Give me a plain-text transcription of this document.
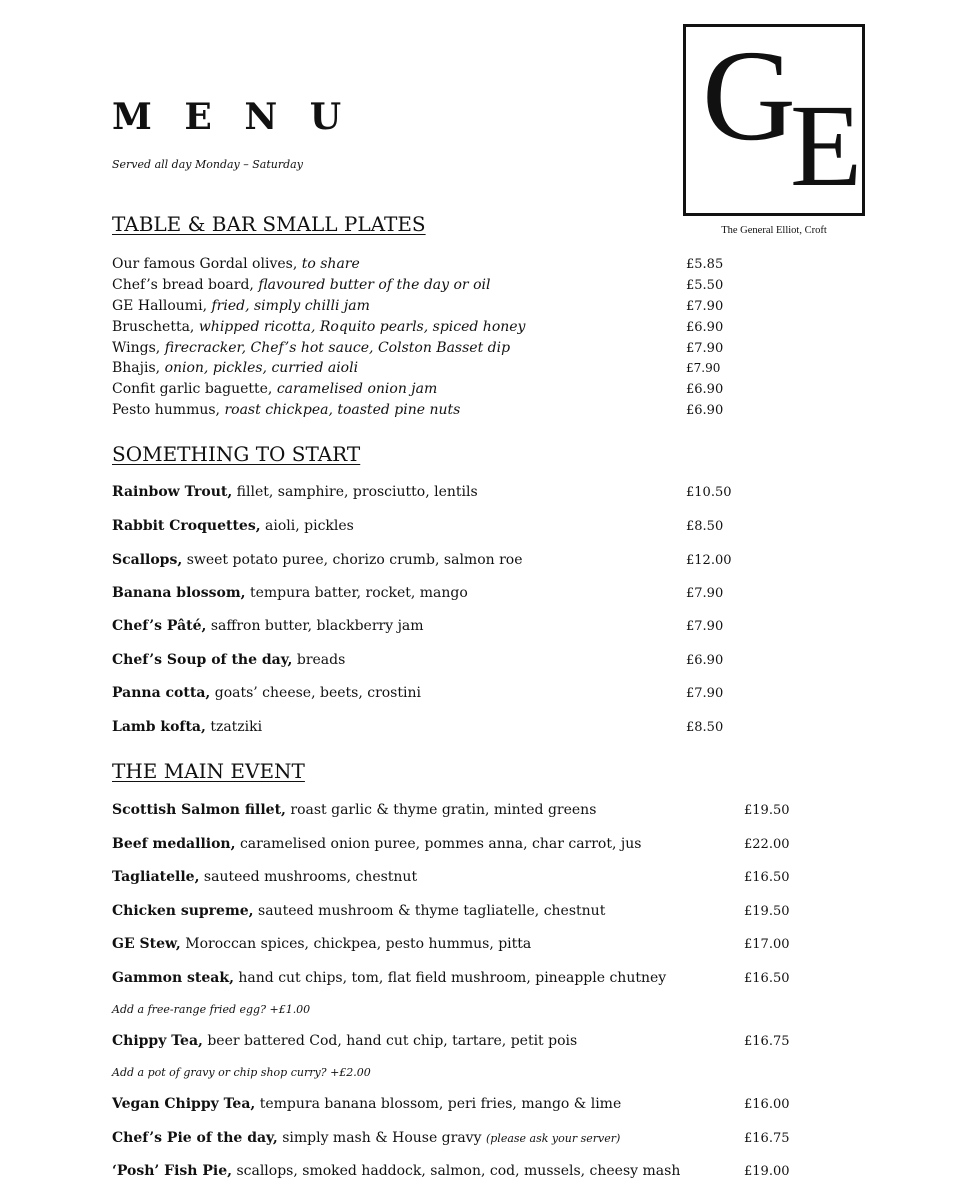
M E N U
Served all day Monday – Saturday	G
E
The General Elliot, Croft
TABLE & BAR SMALL PLATES
Our famous Gordal olives, to share	£5.85
Chef’s bread board, flavoured butter of the day or oil	£5.50
GE Halloumi, fried, simply chilli jam	£7.90
Bruschetta, whipped ricotta, Roquito pearls, spiced honey	£6.90
Wings, firecracker, Chef’s hot sauce, Colston Basset dip	£7.90
Bhajis, onion, pickles, curried aioli	£7.90
Confit garlic baguette, caramelised onion jam	£6.90
Pesto hummus, roast chickpea, toasted pine nuts	£6.90
SOMETHING TO START
Rainbow Trout, fillet, samphire, prosciutto, lentils	£10.50
Rabbit Croquettes, aioli, pickles	£8.50
Scallops, sweet potato puree, chorizo crumb, salmon roe	£12.00
Banana blossom, tempura batter, rocket, mango	£7.90
Chef’s Pâté, saffron butter, blackberry jam	£7.90
Chef’s Soup of the day, breads	£6.90
Panna cotta, goats’ cheese, beets, crostini	£7.90
Lamb kofta, tzatziki	£8.50
THE MAIN EVENT
Scottish Salmon fillet, roast garlic & thyme gratin, minted greens	£19.50
Beef medallion, caramelised onion puree, pommes anna, char carrot, jus	£22.00
Tagliatelle, sauteed mushrooms, chestnut	£16.50
Chicken supreme, sauteed mushroom & thyme tagliatelle, chestnut	£19.50
GE Stew, Moroccan spices, chickpea, pesto hummus, pitta	£17.00
Gammon steak, hand cut chips, tom, flat field mushroom, pineapple chutney	£16.50
Add a free-range fried egg? +£1.00
Chippy Tea, beer battered Cod, hand cut chip, tartare, petit pois	£16.75
Add a pot of gravy or chip shop curry? +£2.00
Vegan Chippy Tea, tempura banana blossom, peri fries, mango & lime	£16.00
Chef’s Pie of the day, simply mash & House gravy (please ask your server)	£16.75
‘Posh’ Fish Pie, scallops, smoked haddock, salmon, cod, mussels, cheesy mash	£19.00
